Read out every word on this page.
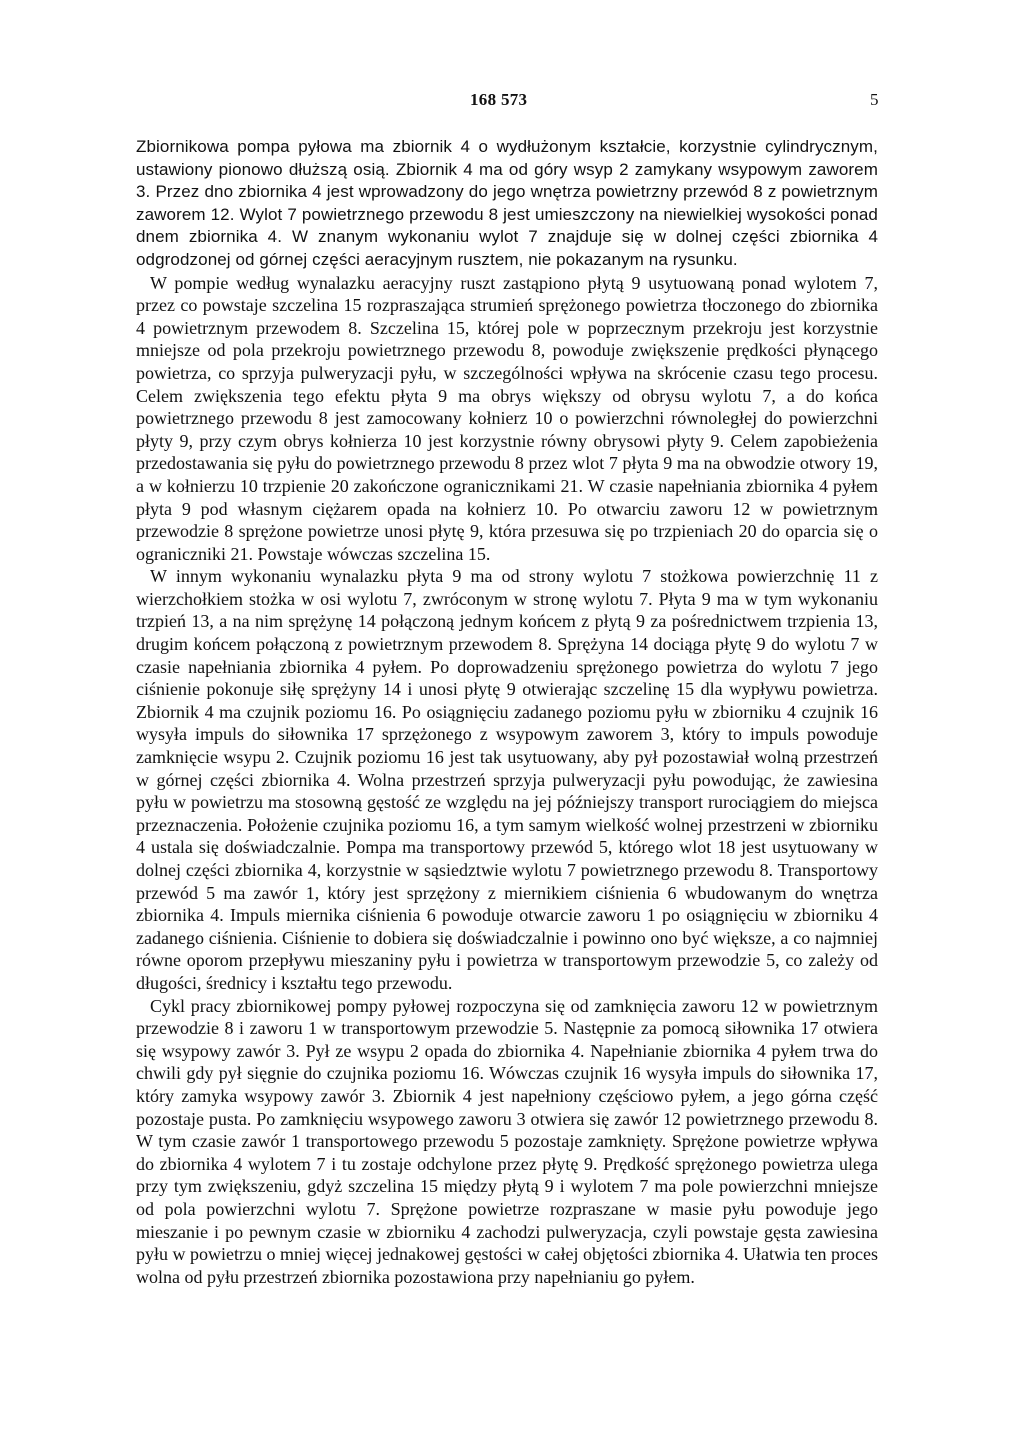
168 573	5

Zbiornikowa pompa pyłowa ma zbiornik 4 o wydłużonym kształcie, korzystnie cylindrycznym, ustawiony pionowo dłuższą osią. Zbiornik 4 ma od góry wsyp 2 zamykany wsypowym zaworem 3. Przez dno zbiornika 4 jest wprowadzony do jego wnętrza powietrzny przewód 8 z powietrznym zaworem 12. Wylot 7 powietrznego przewodu 8 jest umieszczony na niewielkiej wysokości ponad dnem zbiornika 4. W znanym wykonaniu wylot 7 znajduje się w dolnej części zbiornika 4 odgrodzonej od górnej części aeracyjnym rusztem, nie pokazanym na rysunku.

W pompie według wynalazku aeracyjny ruszt zastąpiono płytą 9 usytuowaną ponad wylotem 7, przez co powstaje szczelina 15 rozpraszająca strumień sprężonego powietrza tłoczonego do zbiornika 4 powietrznym przewodem 8. Szczelina 15, której pole w poprzecznym przekroju jest korzystnie mniejsze od pola przekroju powietrznego przewodu 8, powoduje zwiększenie prędkości płynącego powietrza, co sprzyja pulweryzacji pyłu, w szczególności wpływa na skrócenie czasu tego procesu. Celem zwiększenia tego efektu płyta 9 ma obrys większy od obrysu wylotu 7, a do końca powietrznego przewodu 8 jest zamocowany kołnierz 10 o powierzchni równoległej do powierzchni płyty 9, przy czym obrys kołnierza 10 jest korzystnie równy obrysowi płyty 9. Celem zapobieżenia przedostawania się pyłu do powietrznego przewodu 8 przez wlot 7 płyta 9 ma na obwodzie otwory 19, a w kołnierzu 10 trzpienie 20 zakończone ogranicznikami 21. W czasie napełniania zbiornika 4 pyłem płyta 9 pod własnym ciężarem opada na kołnierz 10. Po otwarciu zaworu 12 w powietrznym przewodzie 8 sprężone powietrze unosi płytę 9, która przesuwa się po trzpieniach 20 do oparcia się o ograniczniki 21. Powstaje wówczas szczelina 15.

W innym wykonaniu wynalazku płyta 9 ma od strony wylotu 7 stożkowa powierzchnię 11 z wierzchołkiem stożka w osi wylotu 7, zwróconym w stronę wylotu 7. Płyta 9 ma w tym wykonaniu trzpień 13, a na nim sprężynę 14 połączoną jednym końcem z płytą 9 za pośrednictwem trzpienia 13, drugim końcem połączoną z powietrznym przewodem 8. Sprężyna 14 dociąga płytę 9 do wylotu 7 w czasie napełniania zbiornika 4 pyłem. Po doprowadzeniu sprężonego powietrza do wylotu 7 jego ciśnienie pokonuje siłę sprężyny 14 i unosi płytę 9 otwierając szczelinę 15 dla wypływu powietrza. Zbiornik 4 ma czujnik poziomu 16. Po osiągnięciu zadanego poziomu pyłu w zbiorniku 4 czujnik 16 wysyła impuls do siłownika 17 sprzężonego z wsypowym zaworem 3, który to impuls powoduje zamknięcie wsypu 2. Czujnik poziomu 16 jest tak usytuowany, aby pył pozostawiał wolną przestrzeń w górnej części zbiornika 4. Wolna przestrzeń sprzyja pulweryzacji pyłu powodując, że zawiesina pyłu w powietrzu ma stosowną gęstość ze względu na jej późniejszy transport rurociągiem do miejsca przeznaczenia. Położenie czujnika poziomu 16, a tym samym wielkość wolnej przestrzeni w zbiorniku 4 ustala się doświadczalnie. Pompa ma transportowy przewód 5, którego wlot 18 jest usytuowany w dolnej części zbiornika 4, korzystnie w sąsiedztwie wylotu 7 powietrznego przewodu 8. Transportowy przewód 5 ma zawór 1, który jest sprzężony z miernikiem ciśnienia 6 wbudowanym do wnętrza zbiornika 4. Impuls miernika ciśnienia 6 powoduje otwarcie zaworu 1 po osiągnięciu w zbiorniku 4 zadanego ciśnienia. Ciśnienie to dobiera się doświadczalnie i powinno ono być większe, a co najmniej równe oporom przepływu mieszaniny pyłu i powietrza w transportowym przewodzie 5, co zależy od długości, średnicy i kształtu tego przewodu.

Cykl pracy zbiornikowej pompy pyłowej rozpoczyna się od zamknięcia zaworu 12 w powietrznym przewodzie 8 i zaworu 1 w transportowym przewodzie 5. Następnie za pomocą siłownika 17 otwiera się wsypowy zawór 3. Pył ze wsypu 2 opada do zbiornika 4. Napełnianie zbiornika 4 pyłem trwa do chwili gdy pył sięgnie do czujnika poziomu 16. Wówczas czujnik 16 wysyła impuls do siłownika 17, który zamyka wsypowy zawór 3. Zbiornik 4 jest napełniony częściowo pyłem, a jego górna część pozostaje pusta. Po zamknięciu wsypowego zaworu 3 otwiera się zawór 12 powietrznego przewodu 8. W tym czasie zawór 1 transportowego przewodu 5 pozostaje zamknięty. Sprężone powietrze wpływa do zbiornika 4 wylotem 7 i tu zostaje odchylone przez płytę 9. Prędkość sprężonego powietrza ulega przy tym zwiększeniu, gdyż szczelina 15 między płytą 9 i wylotem 7 ma pole powierzchni mniejsze od pola powierzchni wylotu 7. Sprężone powietrze rozpraszane w masie pyłu powoduje jego mieszanie i po pewnym czasie w zbiorniku 4 zachodzi pulweryzacja, czyli powstaje gęsta zawiesina pyłu w powietrzu o mniej więcej jednakowej gęstości w całej objętości zbiornika 4. Ułatwia ten proces wolna od pyłu przestrzeń zbiornika pozostawiona przy napełnianiu go pyłem.
